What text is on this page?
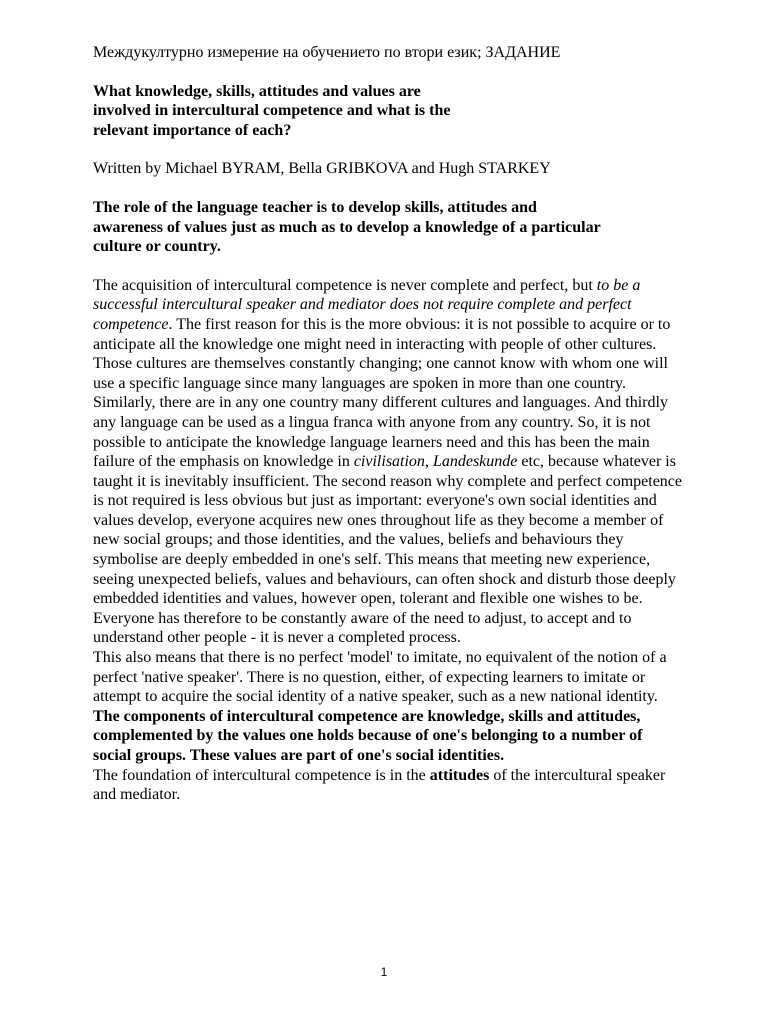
Междукултурно измерение на обучението по втори език; ЗАДАНИЕ

What knowledge, skills, attitudes and values are
involved in intercultural competence and what is the
relevant importance of each?

Written by Michael BYRAM, Bella GRIBKOVA and Hugh STARKEY

The role of the language teacher is to develop skills, attitudes and
awareness of values just as much as to develop a knowledge of a particular
culture or country.

The acquisition of intercultural competence is never complete and perfect, but to be a successful intercultural speaker and mediator does not require complete and perfect competence. The first reason for this is the more obvious: it is not possible to acquire or to anticipate all the knowledge one might need in interacting with people of other cultures. Those cultures are themselves constantly changing; one cannot know with whom one will use a specific language since many languages are spoken in more than one country. Similarly, there are in any one country many different cultures and languages. And thirdly any language can be used as a lingua franca with anyone from any country. So, it is not possible to anticipate the knowledge language learners need and this has been the main failure of the emphasis on knowledge in civilisation, Landeskunde etc, because whatever is taught it is inevitably insufficient. The second reason why complete and perfect competence is not required is less obvious but just as important: everyone's own social identities and values develop, everyone acquires new ones throughout life as they become a member of new social groups; and those identities, and the values, beliefs and behaviours they symbolise are deeply embedded in one's self. This means that meeting new experience, seeing unexpected beliefs, values and behaviours, can often shock and disturb those deeply embedded identities and values, however open, tolerant and flexible one wishes to be. Everyone has therefore to be constantly aware of the need to adjust, to accept and to understand other people - it is never a completed process.

This also means that there is no perfect 'model' to imitate, no equivalent of the notion of a perfect 'native speaker'. There is no question, either, of expecting learners to imitate or attempt to acquire the social identity of a native speaker, such as a new national identity.

The components of intercultural competence are knowledge, skills and attitudes, complemented by the values one holds because of one's belonging to a number of social groups. These values are part of one's social identities.

The foundation of intercultural competence is in the attitudes of the intercultural speaker and mediator.

1
